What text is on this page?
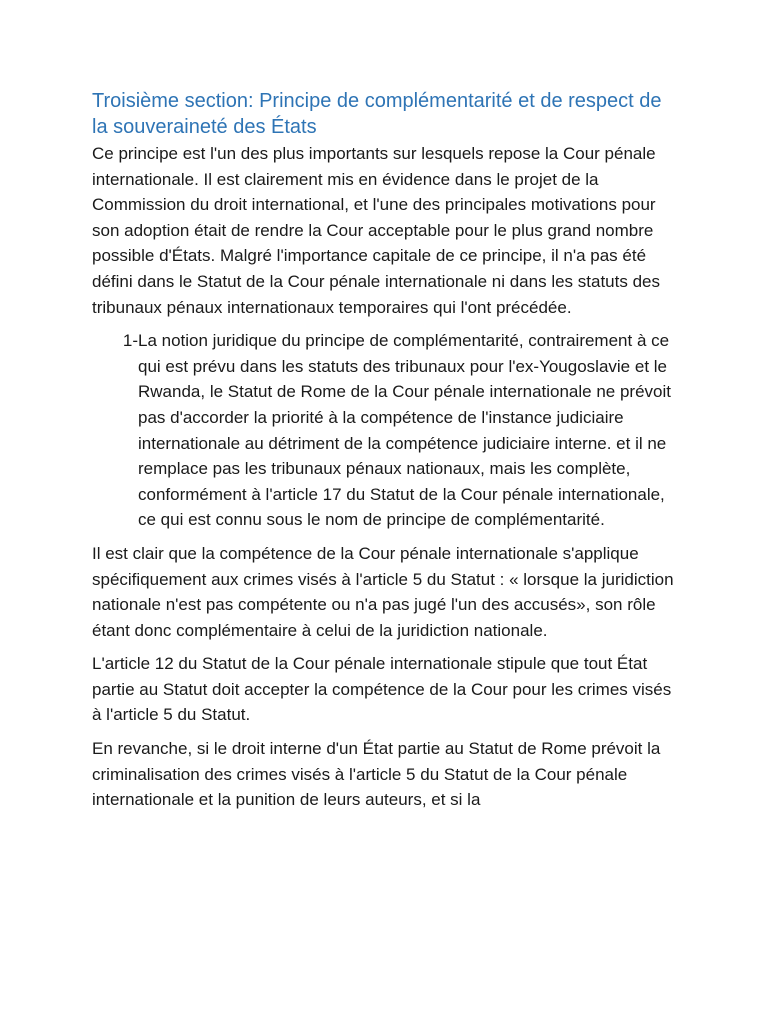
Troisième section: Principe de complémentarité et de respect de la souveraineté des États

Ce principe est l'un des plus importants sur lesquels repose la Cour pénale internationale. Il est clairement mis en évidence dans le projet de la Commission du droit international, et l'une des principales motivations pour son adoption était de rendre la Cour acceptable pour le plus grand nombre possible d'États. Malgré l'importance capitale de ce principe, il n'a pas été défini dans le Statut de la Cour pénale internationale ni dans les statuts des tribunaux pénaux internationaux temporaires qui l'ont précédée.

1- La notion juridique du principe de complémentarité, contrairement à ce qui est prévu dans les statuts des tribunaux pour l'ex-Yougoslavie et le Rwanda, le Statut de Rome de la Cour pénale internationale ne prévoit pas d'accorder la priorité à la compétence de l'instance judiciaire internationale au détriment de la compétence judiciaire interne. et il ne remplace pas les tribunaux pénaux nationaux, mais les complète, conformément à l'article 17 du Statut de la Cour pénale internationale, ce qui est connu sous le nom de principe de complémentarité.

Il est clair que la compétence de la Cour pénale internationale s'applique spécifiquement aux crimes visés à l'article 5 du Statut : « lorsque la juridiction nationale n'est pas compétente ou n'a pas jugé l'un des accusés», son rôle étant donc complémentaire à celui de la juridiction nationale.

L'article 12 du Statut de la Cour pénale internationale stipule que tout État partie au Statut doit accepter la compétence de la Cour pour les crimes visés à l'article 5 du Statut.

En revanche, si le droit interne d'un État partie au Statut de Rome prévoit la criminalisation des crimes visés à l'article 5 du Statut de la Cour pénale internationale et la punition de leurs auteurs, et si la
